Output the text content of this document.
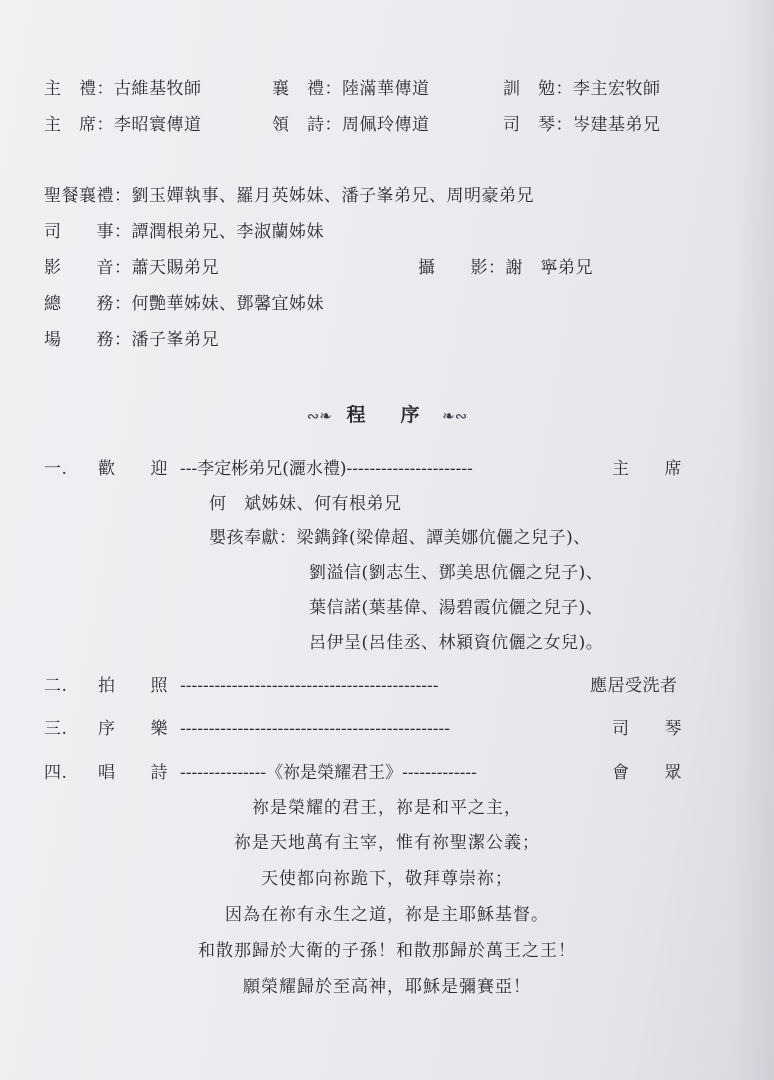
主　禮：古維基牧師	襄　禮：陸滿華傳道	訓　勉：李主宏牧師
主　席：李昭寰傳道	領　詩：周佩玲傳道	司　琴：岑建基弟兄
聖餐襄禮：劉玉嬋執事、羅月英姊妹、潘子峯弟兄、周明豪弟兄
司　　事：譚潤根弟兄、李淑蘭姊妹
影　　音：蕭天賜弟兄	攝　　影：謝　寧弟兄
總　　務：何艷華姊妹、鄧馨宜姊妹
場　　務：潘子峯弟兄
∾❧ 程　序 ❧∾
一. 歡　　迎 ---李定彬弟兄(灑水禮)----------------------	主　　席
何　斌姊妹、何有根弟兄
嬰孩奉獻：梁鐫鋒(梁偉超、譚美娜伉儷之兒子)、
劉溢信(劉志生、鄧美思伉儷之兒子)、
葉信諾(葉基偉、湯碧霞伉儷之兒子)、
呂伊呈(呂佳丞、林潁資伉儷之女兒)。
二. 拍　　照 ---------------------------------------------	應居受洗者
三. 序　　樂 -----------------------------------------------	司　　琴
四. 唱　　詩 ---------------《祢是榮耀君王》-------------	會　　眾
祢是榮耀的君王，祢是和平之主，
祢是天地萬有主宰，惟有祢聖潔公義；
天使都向祢跪下，敬拜尊崇祢；
因為在祢有永生之道，祢是主耶穌基督。
和散那歸於大衛的子孫！和散那歸於萬王之王！
願榮耀歸於至高神，耶穌是彌賽亞！
